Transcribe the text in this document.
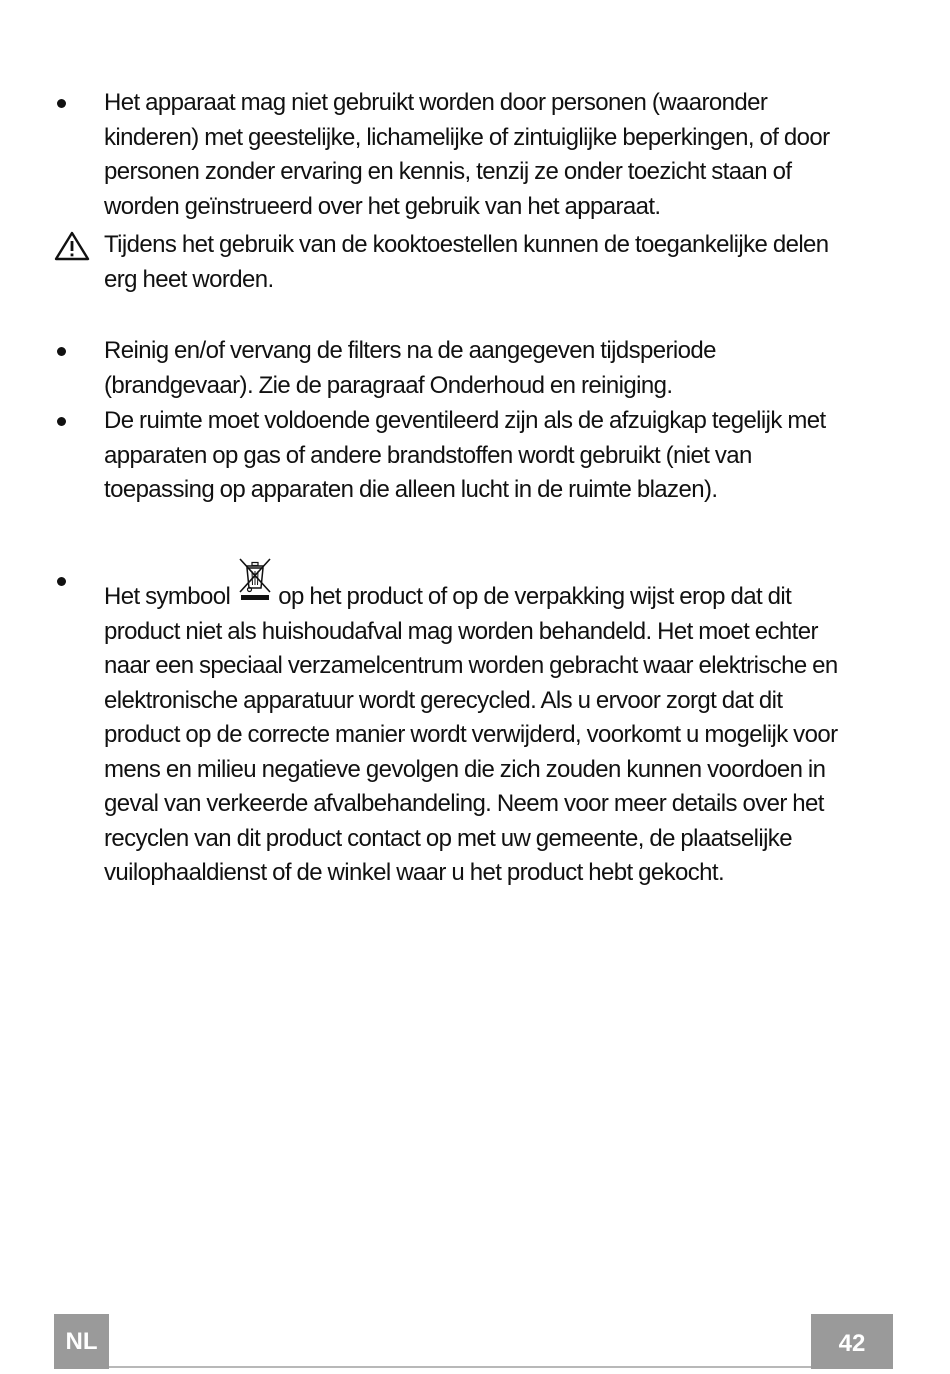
Het apparaat mag niet gebruikt worden door personen (waaronder
kinderen) met geestelijke, lichamelijke of zintuiglijke beperkingen, of door
personen zonder ervaring en kennis, tenzij ze onder toezicht staan of
worden geïnstrueerd over het gebruik van het apparaat.
Tijdens het gebruik van de kooktoestellen kunnen de toegankelijke delen
erg heet worden.
Reinig en/of vervang de filters na de aangegeven tijdsperiode
(brandgevaar). Zie de paragraaf Onderhoud en reiniging.
De ruimte moet voldoende geventileerd zijn als de afzuigkap tegelijk met
apparaten op gas of andere brandstoffen wordt gebruikt (niet van
toepassing op apparaten die alleen lucht in de ruimte blazen).
Het symbool op het product of op de verpakking wijst erop dat dit
product niet als huishoudafval mag worden behandeld. Het moet echter
naar een speciaal verzamelcentrum worden gebracht waar elektrische en
elektronische apparatuur wordt gerecycled. Als u ervoor zorgt dat dit
product op de correcte manier wordt verwijderd, voorkomt u mogelijk voor
mens en milieu negatieve gevolgen die zich zouden kunnen voordoen in
geval van verkeerde afvalbehandeling. Neem voor meer details over het
recyclen van dit product contact op met uw gemeente, de plaatselijke
vuilophaaldienst of de winkel waar u het product hebt gekocht.
NL	42
